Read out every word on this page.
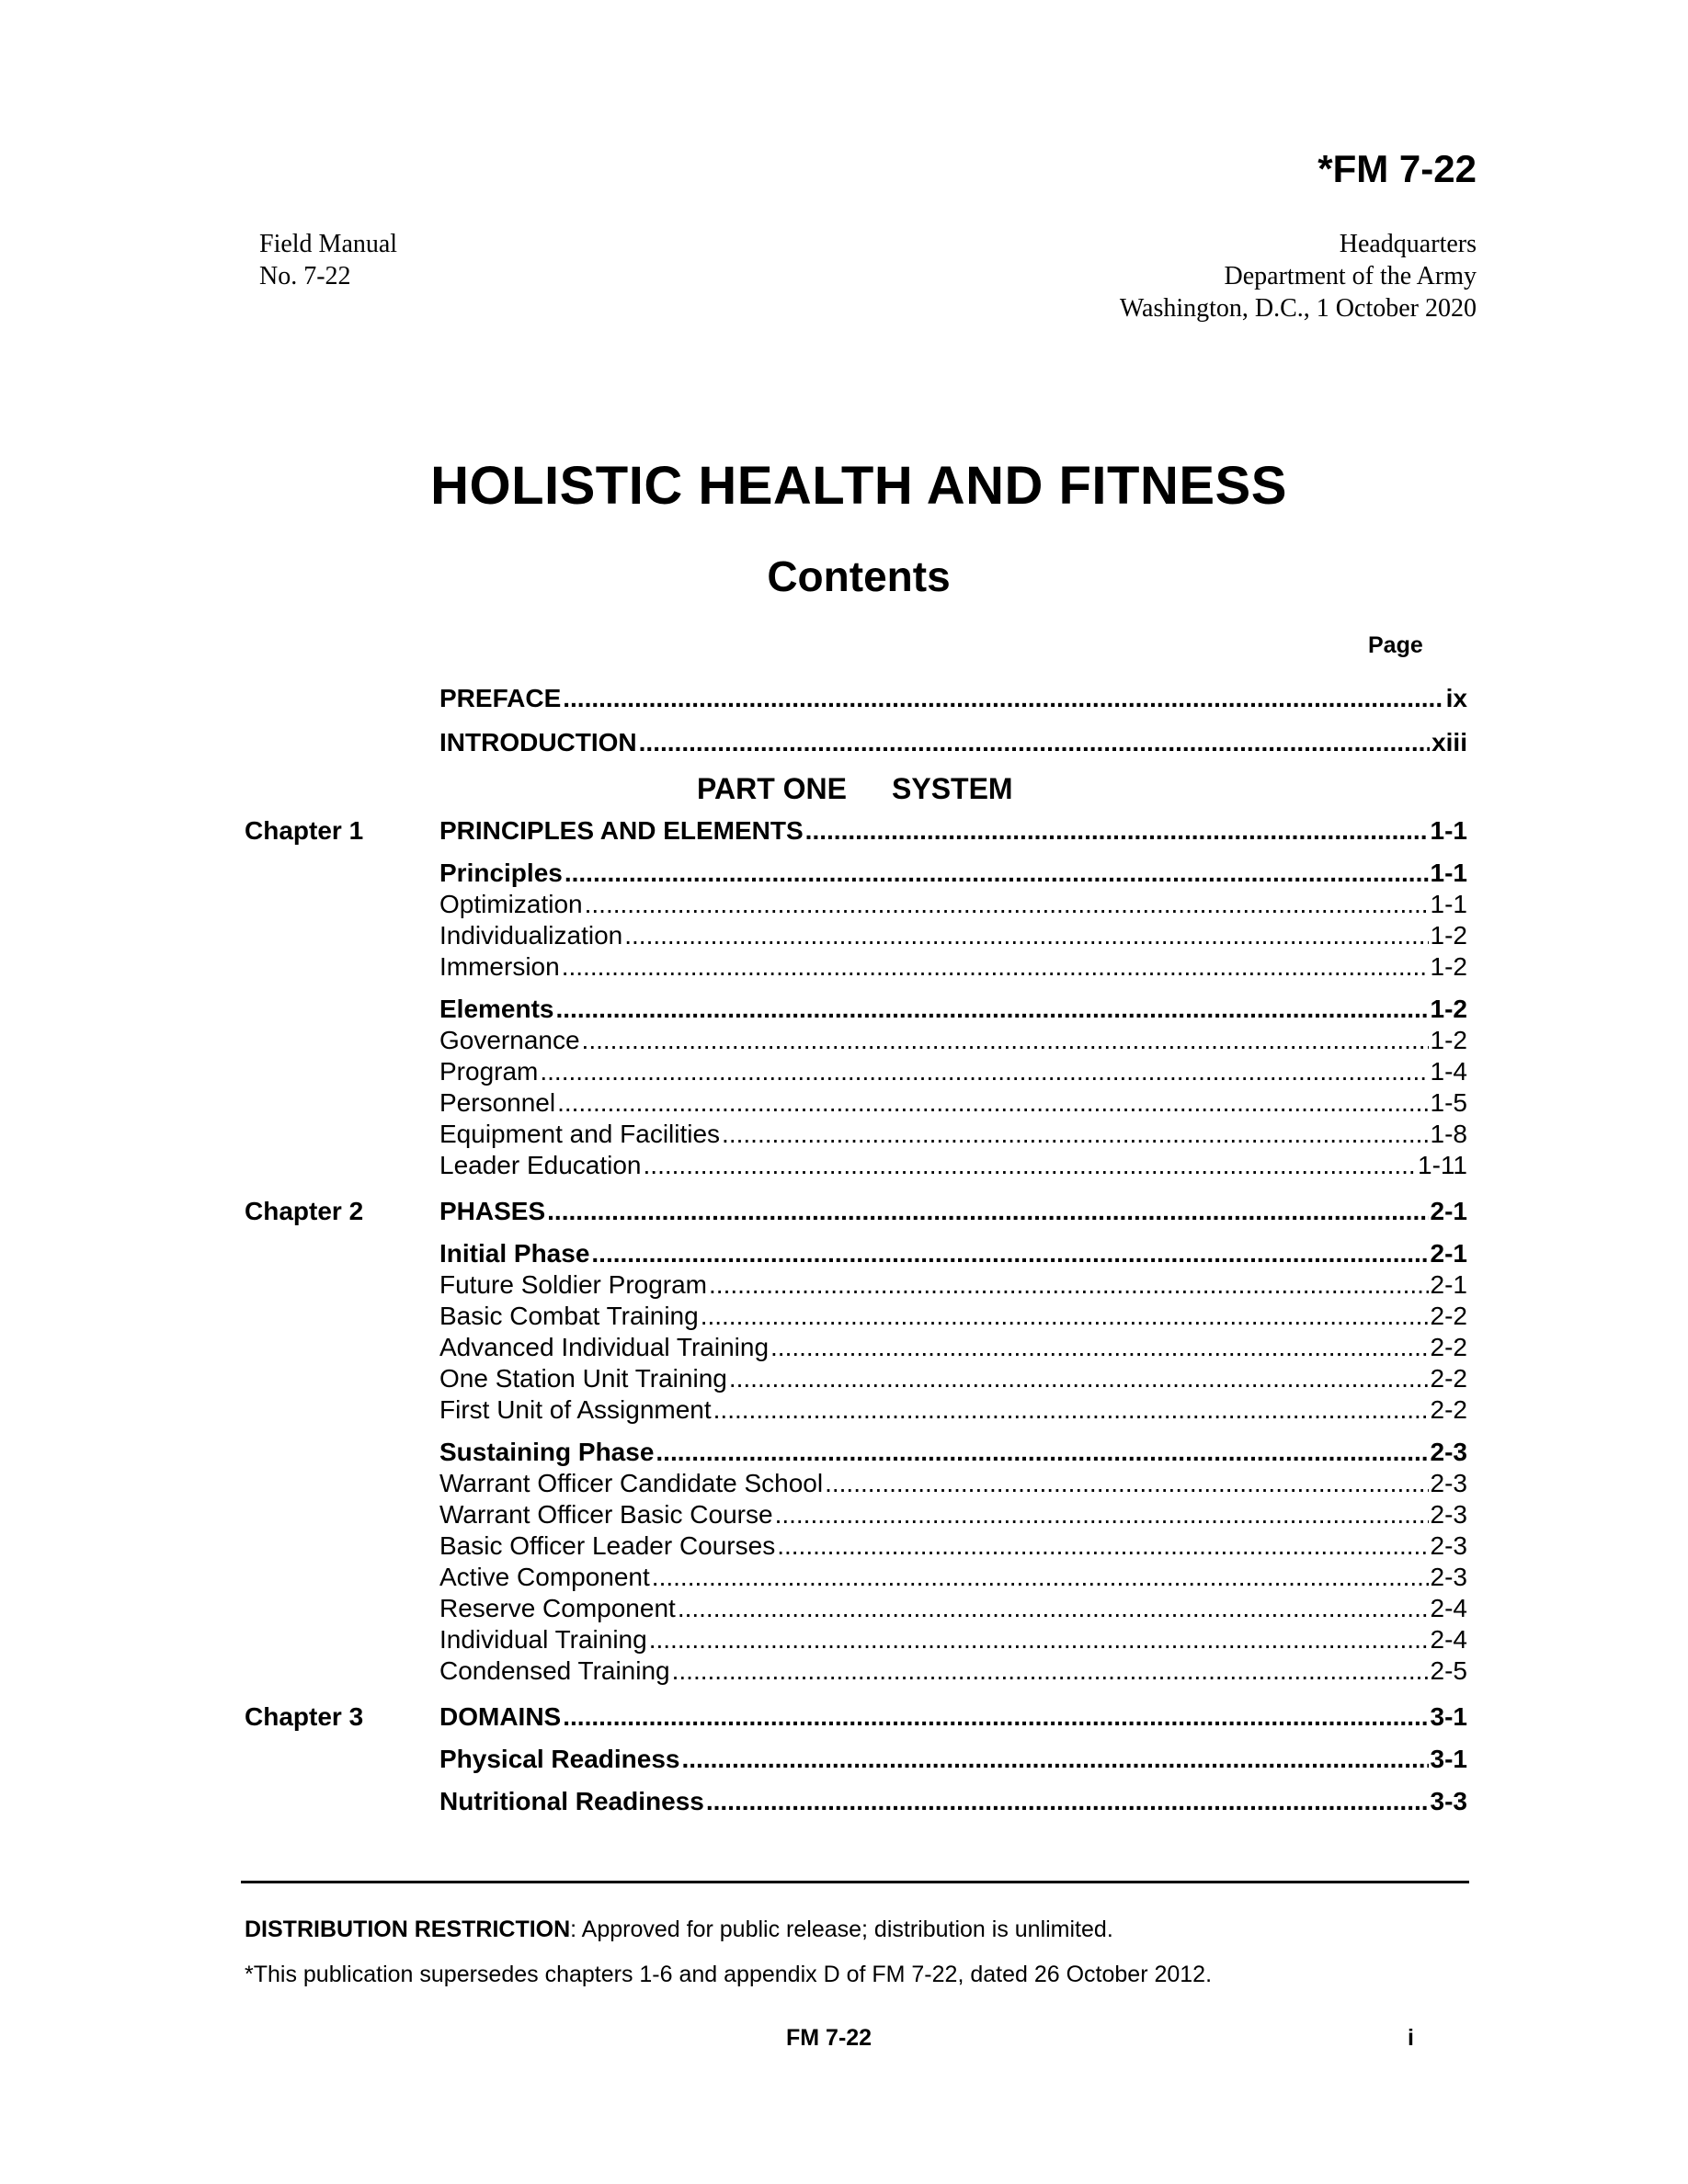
*FM 7-22
Field Manual
No. 7-22
Headquarters
Department of the Army
Washington, D.C., 1 October 2020
HOLISTIC HEALTH AND FITNESS
Contents
Page
PREFACE .....	ix
INTRODUCTION .....	xiii
PART ONE	SYSTEM
Chapter 1	PRINCIPLES AND ELEMENTS .....	1-1
Principles .....	1-1
Optimization .....	1-1
Individualization .....	1-2
Immersion .....	1-2
Elements .....	1-2
Governance .....	1-2
Program .....	1-4
Personnel .....	1-5
Equipment and Facilities .....	1-8
Leader Education .....	1-11
Chapter 2	PHASES .....	2-1
Initial Phase .....	2-1
Future Soldier Program .....	2-1
Basic Combat Training .....	2-2
Advanced Individual Training .....	2-2
One Station Unit Training .....	2-2
First Unit of Assignment .....	2-2
Sustaining Phase .....	2-3
Warrant Officer Candidate School .....	2-3
Warrant Officer Basic Course .....	2-3
Basic Officer Leader Courses .....	2-3
Active Component .....	2-3
Reserve Component .....	2-4
Individual Training .....	2-4
Condensed Training .....	2-5
Chapter 3	DOMAINS .....	3-1
Physical Readiness .....	3-1
Nutritional Readiness .....	3-3
DISTRIBUTION RESTRICTION: Approved for public release; distribution is unlimited.
*This publication supersedes chapters 1-6 and appendix D of FM 7-22, dated 26 October 2012.
FM 7-22	i
